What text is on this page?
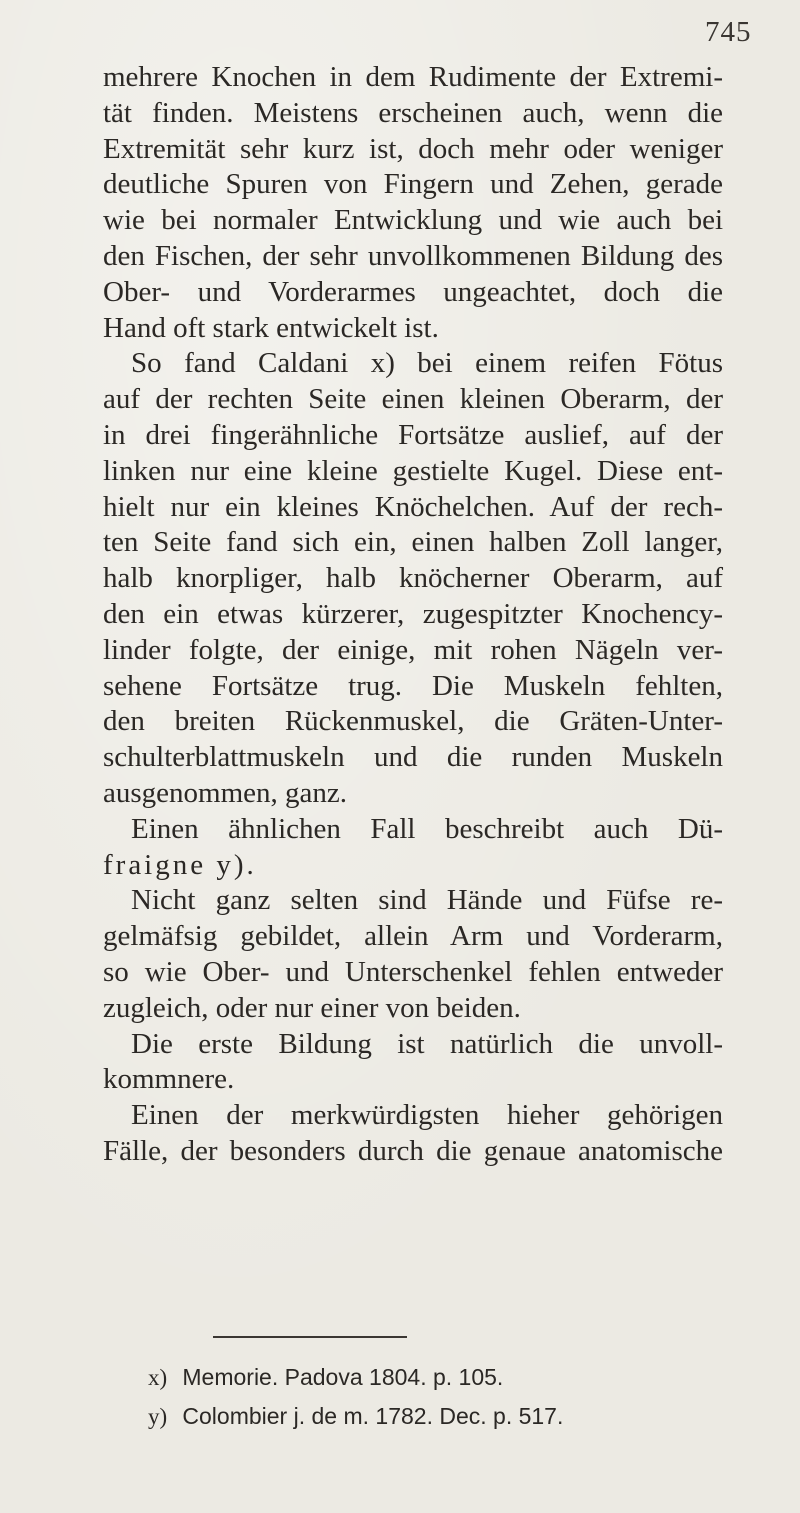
745
mehrere Knochen in dem Rudimente der Extremi-
tät finden. Meistens erscheinen auch, wenn die
Extremität sehr kurz ist, doch mehr oder weniger
deutliche Spuren von Fingern und Zehen, gerade
wie bei normaler Entwicklung und wie auch bei
den Fischen, der sehr unvollkommenen Bildung des
Ober- und Vorderarmes ungeachtet, doch die
Hand oft stark entwickelt ist.
So fand Caldani x) bei einem reifen Fötus
auf der rechten Seite einen kleinen Oberarm, der
in drei fingerähnliche Fortsätze auslief, auf der
linken nur eine kleine gestielte Kugel. Diese ent-
hielt nur ein kleines Knöchelchen. Auf der rech-
ten Seite fand sich ein, einen halben Zoll langer,
halb knorpliger, halb knöcherner Oberarm, auf
den ein etwas kürzerer, zugespitzter Knochency-
linder folgte, der einige, mit rohen Nägeln ver-
sehene Fortsätze trug. Die Muskeln fehlten,
den breiten Rückenmuskel, die Gräten-Unter-
schulterblattmuskeln und die runden Muskeln
ausgenommen, ganz.
Einen ähnlichen Fall beschreibt auch Dü-
fraigne y).
Nicht ganz selten sind Hände und Füfse re-
gelmäfsig gebildet, allein Arm und Vorderarm,
so wie Ober- und Unterschenkel fehlen entweder
zugleich, oder nur einer von beiden.
Die erste Bildung ist natürlich die unvoll-
kommnere.
Einen der merkwürdigsten hieher gehörigen
Fälle, der besonders durch die genaue anatomische
x) Memorie. Padova 1804. p. 105.
y) Colombier j. de m. 1782. Dec. p. 517.
